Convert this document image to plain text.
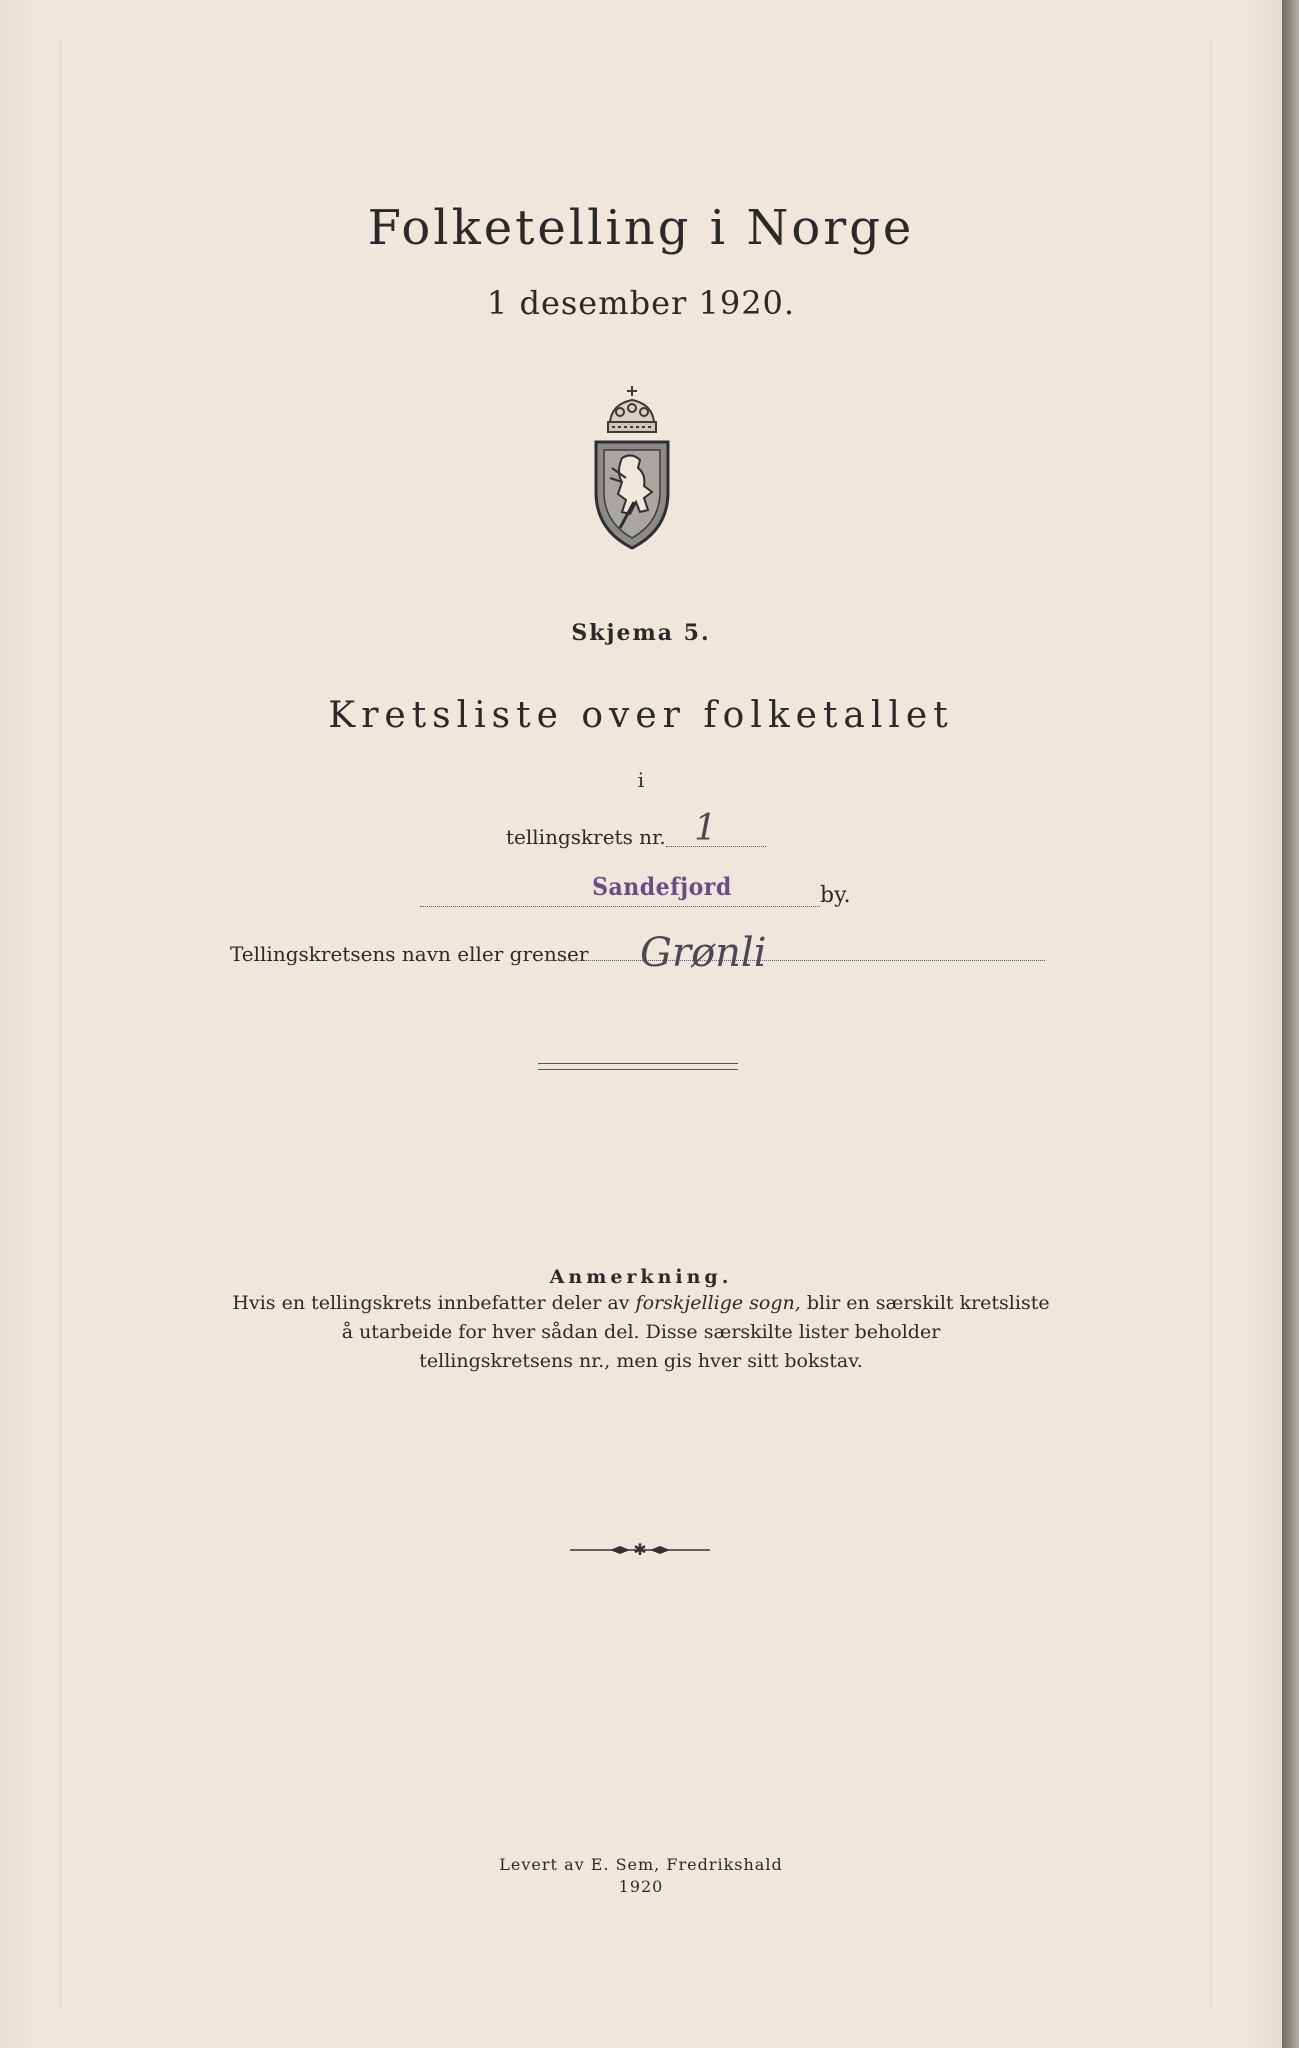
Folketelling i Norge
1 desember 1920.
Skjema 5.
Kretsliste over folketallet
i
tellingskrets nr. 1
Sandefjord	by.
Tellingskretsens navn eller grenser Grønli
Anmerkning.
Hvis en tellingskrets innbefatter deler av forskjellige sogn, blir en særskilt kretsliste
å utarbeide for hver sådan del. Disse særskilte lister beholder
tellingskretsens nr., men gis hver sitt bokstav.
✱
Levert av E. Sem, Fredrikshald
1920
